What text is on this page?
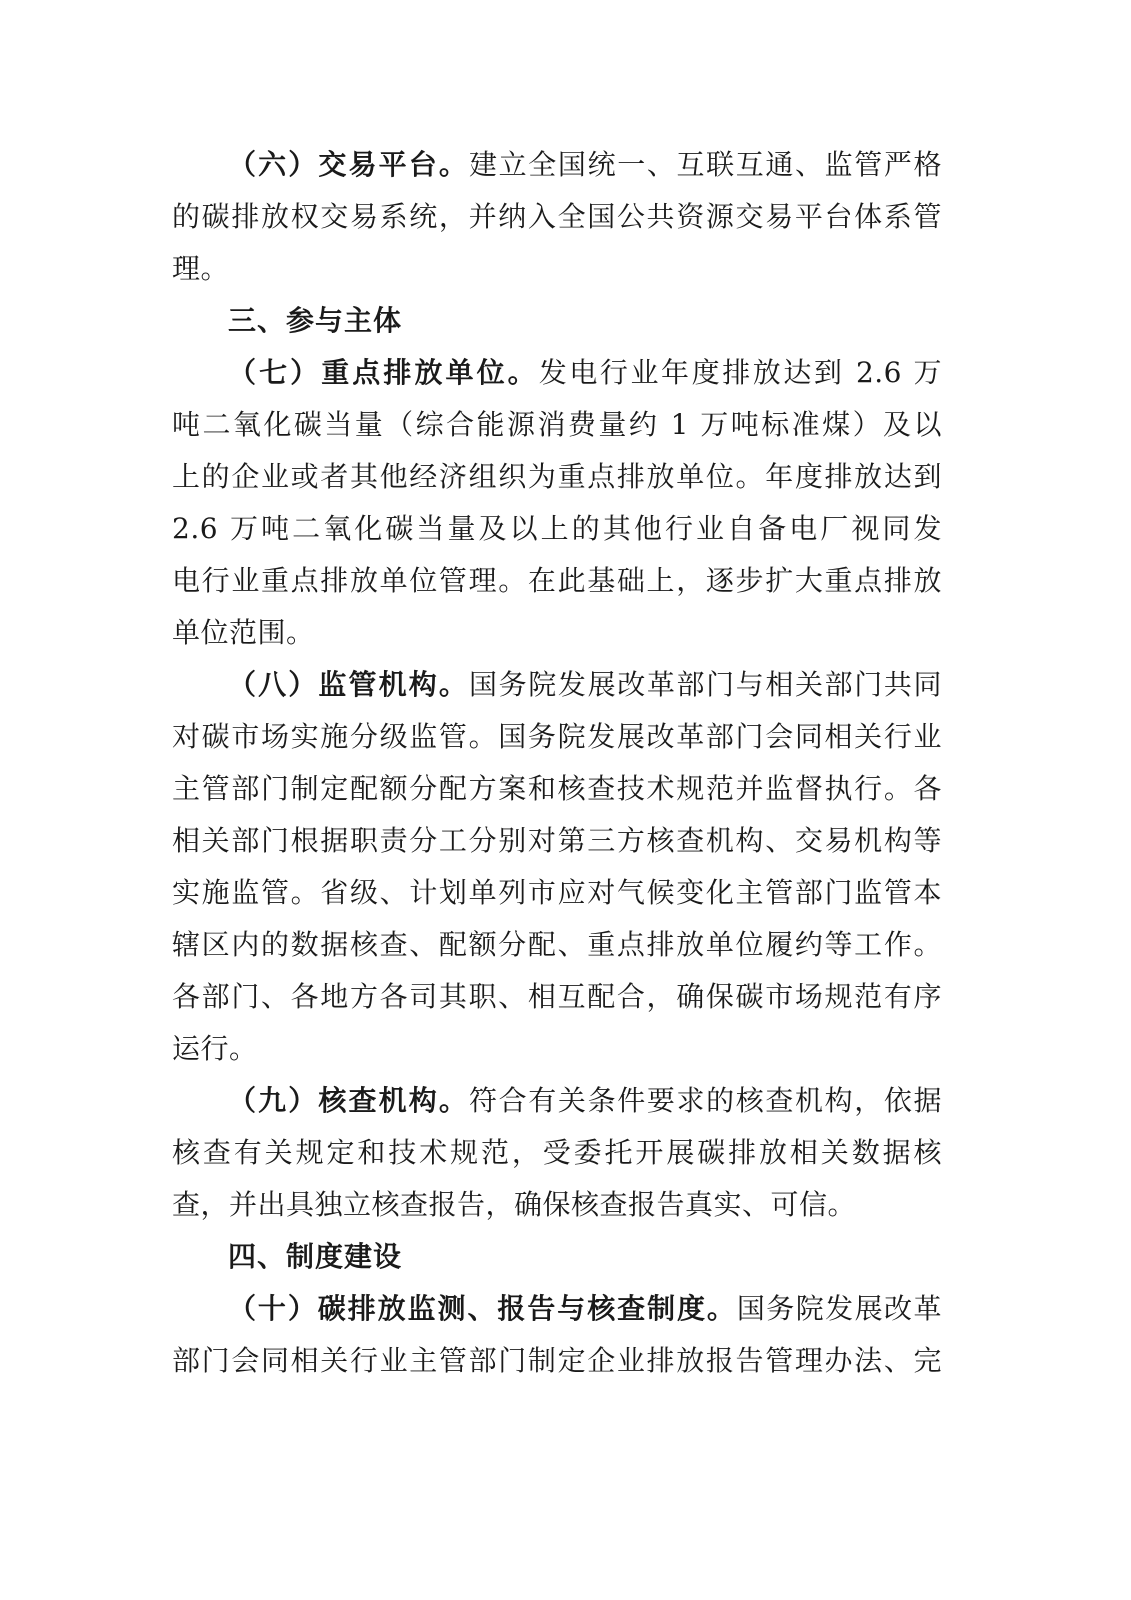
（六）交易平台。建立全国统一、互联互通、监管严格
的碳排放权交易系统，并纳入全国公共资源交易平台体系管
理。
三、参与主体
（七）重点排放单位。发电行业年度排放达到 2.6 万
吨二氧化碳当量（综合能源消费量约 1 万吨标准煤）及以
上的企业或者其他经济组织为重点排放单位。年度排放达到
2.6 万吨二氧化碳当量及以上的其他行业自备电厂视同发
电行业重点排放单位管理。在此基础上，逐步扩大重点排放
单位范围。
（八）监管机构。国务院发展改革部门与相关部门共同
对碳市场实施分级监管。国务院发展改革部门会同相关行业
主管部门制定配额分配方案和核查技术规范并监督执行。各
相关部门根据职责分工分别对第三方核查机构、交易机构等
实施监管。省级、计划单列市应对气候变化主管部门监管本
辖区内的数据核查、配额分配、重点排放单位履约等工作。
各部门、各地方各司其职、相互配合，确保碳市场规范有序
运行。
（九）核查机构。符合有关条件要求的核查机构，依据
核查有关规定和技术规范，受委托开展碳排放相关数据核
查，并出具独立核查报告，确保核查报告真实、可信。
四、制度建设
（十）碳排放监测、报告与核查制度。国务院发展改革
部门会同相关行业主管部门制定企业排放报告管理办法、完
